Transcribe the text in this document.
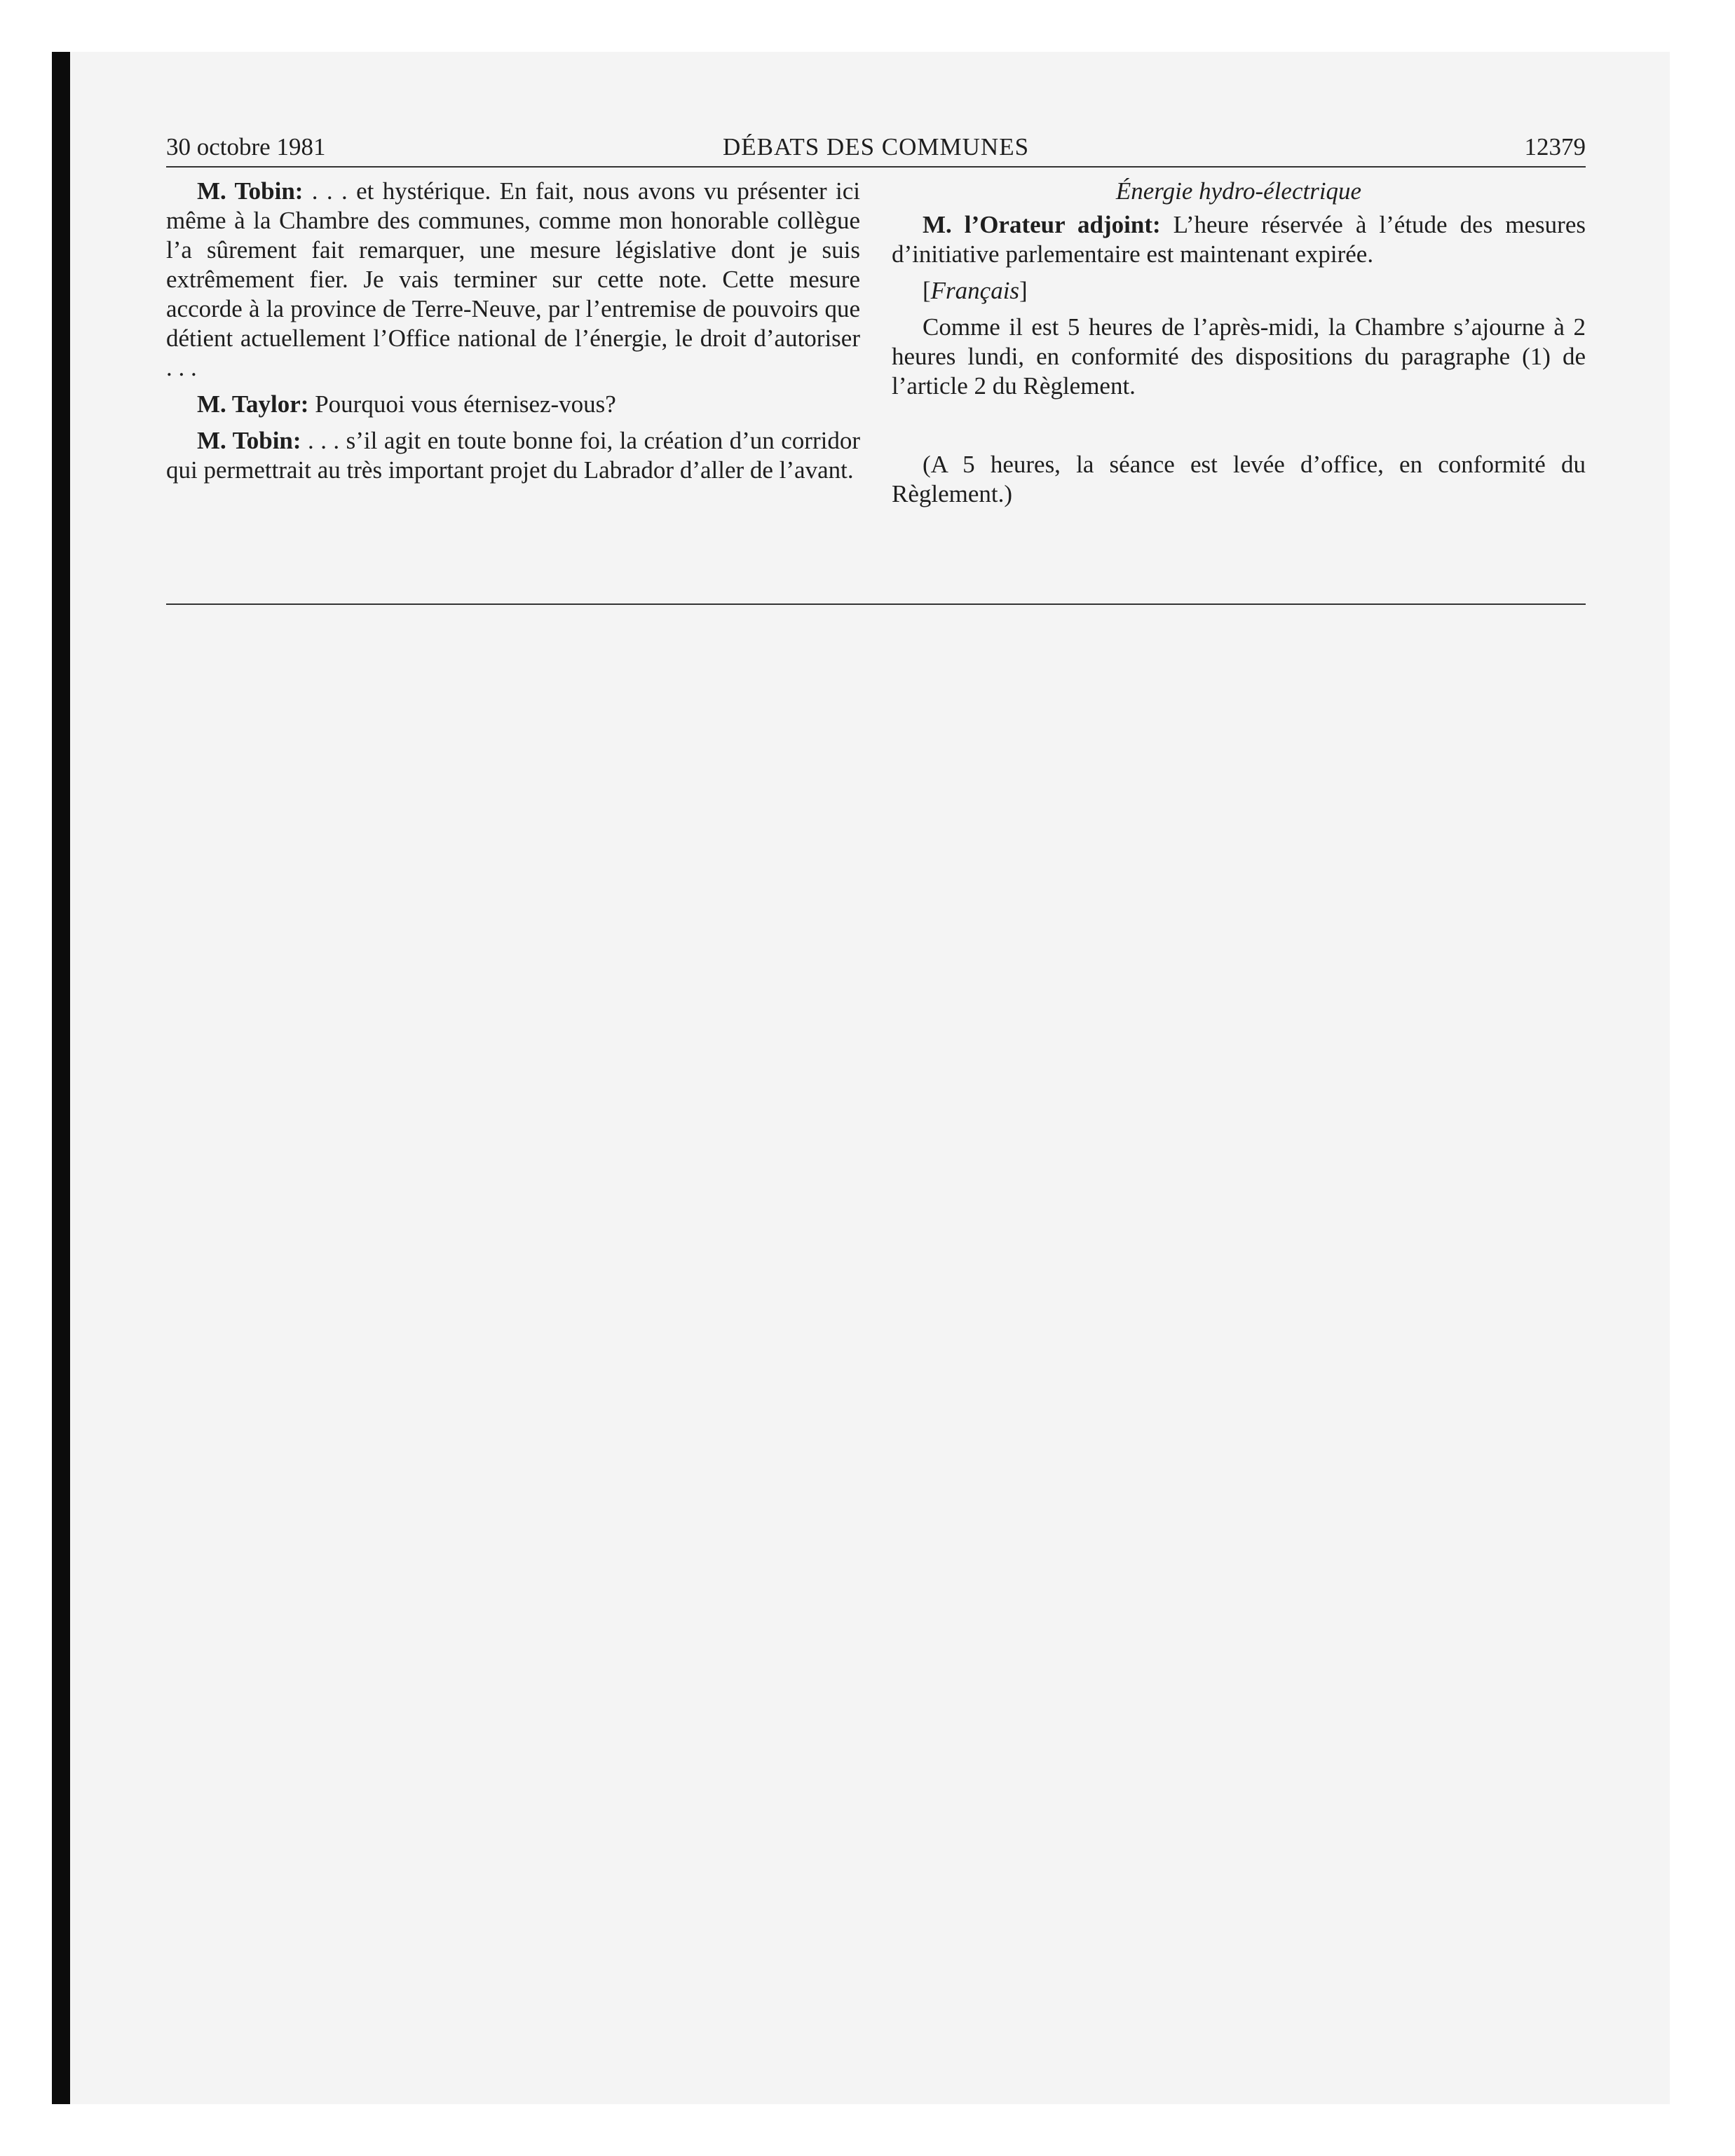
30 octobre 1981	DÉBATS DES COMMUNES	12379

M. Tobin: . . . et hystérique. En fait, nous avons vu présenter ici même à la Chambre des communes, comme mon honorable collègue l’a sûrement fait remarquer, une mesure législative dont je suis extrêmement fier. Je vais terminer sur cette note. Cette mesure accorde à la province de Terre-Neuve, par l’entremise de pouvoirs que détient actuellement l’Office national de l’énergie, le droit d’autoriser . . .

M. Taylor: Pourquoi vous éternisez-vous?

M. Tobin: . . . s’il agit en toute bonne foi, la création d’un corridor qui permettrait au très important projet du Labrador d’aller de l’avant.

Énergie hydro-électrique

M. l’Orateur adjoint: L’heure réservée à l’étude des mesures d’initiative parlementaire est maintenant expirée.

[Français]

Comme il est 5 heures de l’après-midi, la Chambre s’ajourne à 2 heures lundi, en conformité des dispositions du paragraphe (1) de l’article 2 du Règlement.

(A 5 heures, la séance est levée d’office, en conformité du Règlement.)
